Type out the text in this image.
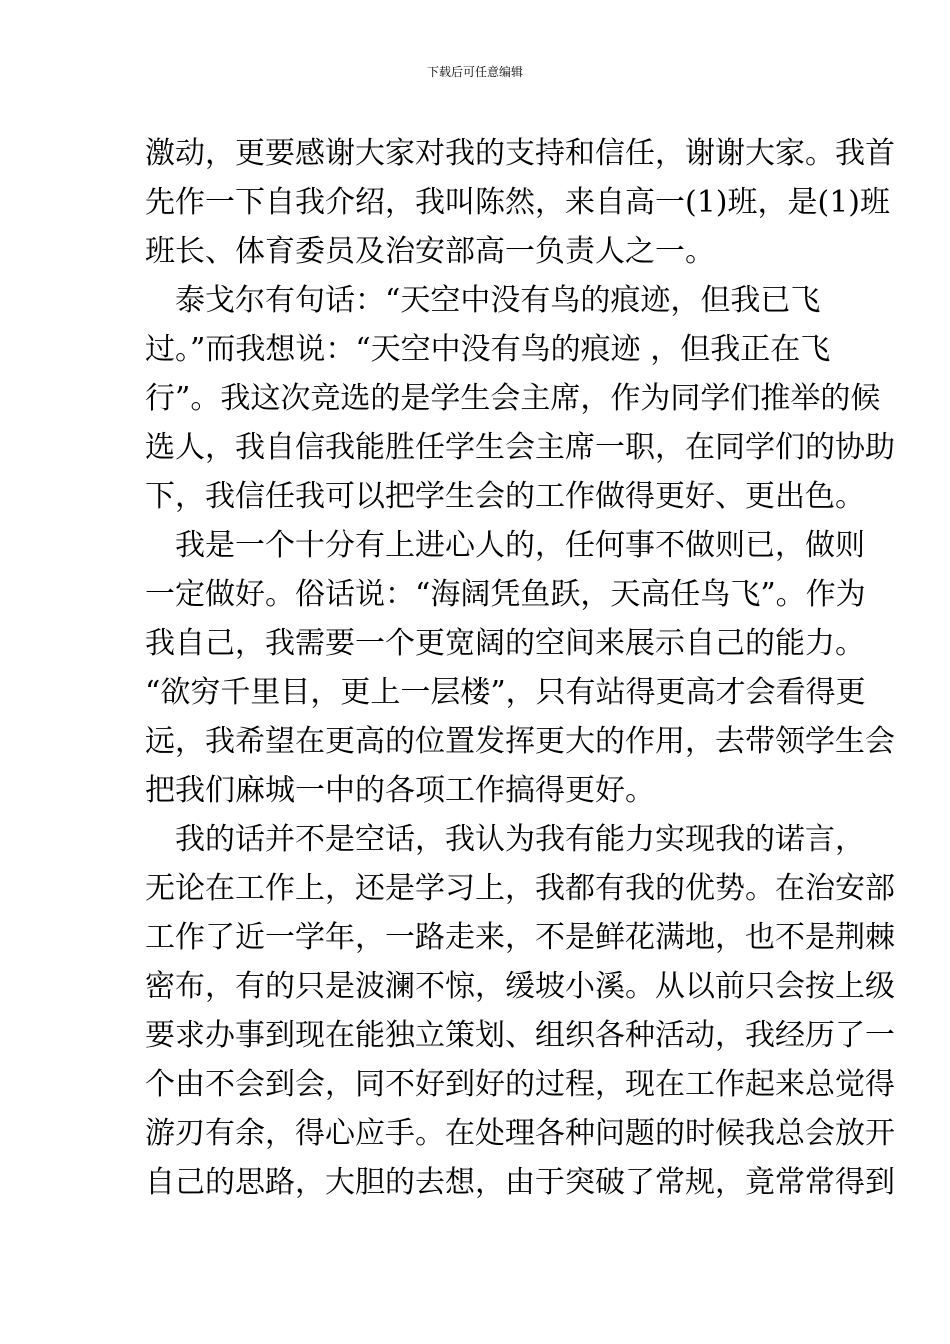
下载后可任意编辑
激动，更要感谢大家对我的支持和信任，谢谢大家。我首
先作一下自我介绍，我叫陈然，来自高一(1)班，是(1)班
班长、体育委员及治安部高一负责人之一。
　泰戈尔有句话：“天空中没有鸟的痕迹，但我已飞
过。”而我想说：“天空中没有鸟的痕迹 ，但我正在飞
行”。我这次竞选的是学生会主席，作为同学们推举的候
选人，我自信我能胜任学生会主席一职，在同学们的协助
下，我信任我可以把学生会的工作做得更好、更出色。
　我是一个十分有上进心人的，任何事不做则已，做则
一定做好。俗话说：“海阔凭鱼跃，天高任鸟飞”。作为
我自己，我需要一个更宽阔的空间来展示自己的能力。
“欲穷千里目，更上一层楼”，只有站得更高才会看得更
远，我希望在更高的位置发挥更大的作用，去带领学生会
把我们麻城一中的各项工作搞得更好。
　我的话并不是空话，我认为我有能力实现我的诺言，
无论在工作上，还是学习上，我都有我的优势。在治安部
工作了近一学年，一路走来，不是鲜花满地，也不是荆棘
密布，有的只是波澜不惊，缓坡小溪。从以前只会按上级
要求办事到现在能独立策划、组织各种活动，我经历了一
个由不会到会，同不好到好的过程，现在工作起来总觉得
游刃有余，得心应手。在处理各种问题的时候我总会放开
自己的思路，大胆的去想，由于突破了常规，竟常常得到
